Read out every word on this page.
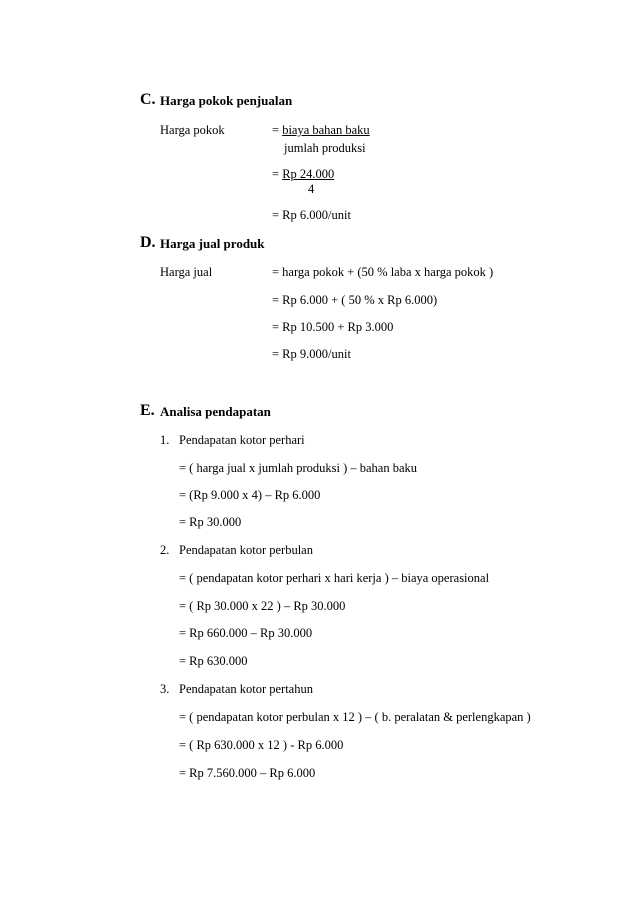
C. Harga pokok penjualan
Harga pokok	= biaya bahan baku
jumlah produksi
= Rp 24.000
4
= Rp 6.000/unit
D. Harga jual produk
Harga jual	= harga pokok + (50 % laba x harga pokok )
= Rp 6.000 + ( 50 % x Rp 6.000)
= Rp 10.500 + Rp 3.000
= Rp 9.000/unit
E. Analisa pendapatan
1. Pendapatan kotor perhari
= ( harga jual x jumlah produksi ) – bahan baku
= (Rp 9.000 x 4) – Rp 6.000
= Rp 30.000
2. Pendapatan kotor perbulan
= ( pendapatan kotor perhari x hari kerja ) – biaya operasional
= ( Rp 30.000 x 22 ) – Rp 30.000
= Rp 660.000 – Rp 30.000
= Rp 630.000
3. Pendapatan kotor pertahun
= ( pendapatan kotor perbulan x 12 ) – ( b. peralatan & perlengkapan )
= ( Rp 630.000 x 12 ) - Rp 6.000
= Rp 7.560.000 – Rp 6.000
